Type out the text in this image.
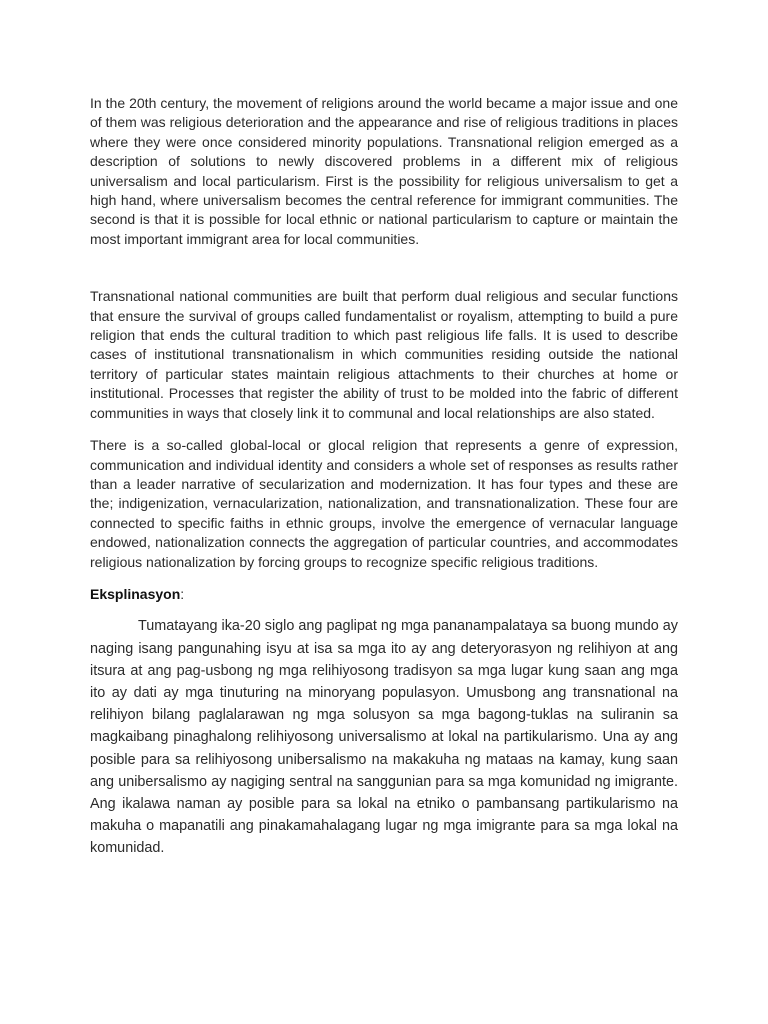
In the 20th century, the movement of religions around the world became a major issue and one of them was religious deterioration and the appearance and rise of religious traditions in places where they were once considered minority populations. Transnational religion emerged as a description of solutions to newly discovered problems in a different mix of religious universalism and local particularism. First is the possibility for religious universalism to get a high hand, where universalism becomes the central reference for immigrant communities. The second is that it is possible for local ethnic or national particularism to capture or maintain the most important immigrant area for local communities.

Transnational national communities are built that perform dual religious and secular functions that ensure the survival of groups called fundamentalist or royalism, attempting to build a pure religion that ends the cultural tradition to which past religious life falls. It is used to describe cases of institutional transnationalism in which communities residing outside the national territory of particular states maintain religious attachments to their churches at home or institutional. Processes that register the ability of trust to be molded into the fabric of different communities in ways that closely link it to communal and local relationships are also stated.

There is a so-called global-local or glocal religion that represents a genre of expression, communication and individual identity and considers a whole set of responses as results rather than a leader narrative of secularization and modernization. It has four types and these are the; indigenization, vernacularization, nationalization, and transnationalization. These four are connected to specific faiths in ethnic groups, involve the emergence of vernacular language endowed, nationalization connects the aggregation of particular countries, and accommodates religious nationalization by forcing groups to recognize specific religious traditions.

Eksplinasyon:

Tumatayang ika-20 siglo ang paglipat ng mga pananampalataya sa buong mundo ay naging isang pangunahing isyu at isa sa mga ito ay ang deteryorasyon ng relihiyon at ang itsura at ang pag-usbong ng mga relihiyosong tradisyon sa mga lugar kung saan ang mga ito ay dati ay mga tinuturing na minoryang populasyon. Umusbong ang transnational na relihiyon bilang paglalarawan ng mga solusyon sa mga bagong-tuklas na suliranin sa magkaibang pinaghalong relihiyosong universalismo at lokal na partikularismo. Una ay ang posible para sa relihiyosong unibersalismo na makakuha ng mataas na kamay, kung saan ang unibersalismo ay nagiging sentral na sanggunian para sa mga komunidad ng imigrante. Ang ikalawa naman ay posible para sa lokal na etniko o pambansang partikularismo na makuha o mapanatili ang pinakamahalagang lugar ng mga imigrante para sa mga lokal na komunidad.
